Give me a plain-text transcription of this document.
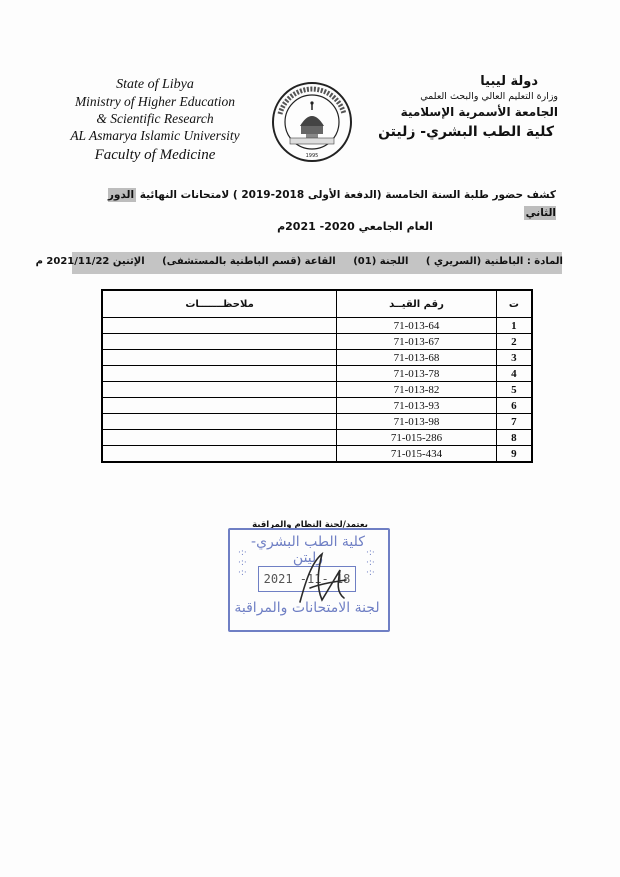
State of Libya
Ministry of Higher Education
& Scientific Research
AL Asmarya Islamic University
Faculty of Medicine	1995
دولة ليبيا
وزارة التعليم العالي والبحث العلمي
الجامعة الأسمرية الإسلامية
كلية الطب البشري- زليتن
كشف حضور طلبة السنة الخامسة (الدفعة الأولى 2018-2019 ) لامتحانات النهائية الدور الثاني
العام الجامعي 2020- 2021م
المادة : الباطنية (السريري ) اللجنة (01) القاعة (قسم الباطنية بالمستشفى) الإثنين 2021/11/22 م
ت	رقم القيــد	ملاحظـــــــات
1	71-013-64	
2	71-013-67	
3	71-013-68	
4	71-013-78	
5	71-013-82	
6	71-013-93	
7	71-013-98	
8	71-015-286	
9	71-015-434	
يعتمد/لجنة النظام والمراقبة
كلية الطب البشري- زليتن
·:·
·:·
·:·
·:·
·:·
·:·
2021 -11- 18
لجنة الامتحانات والمراقبة
